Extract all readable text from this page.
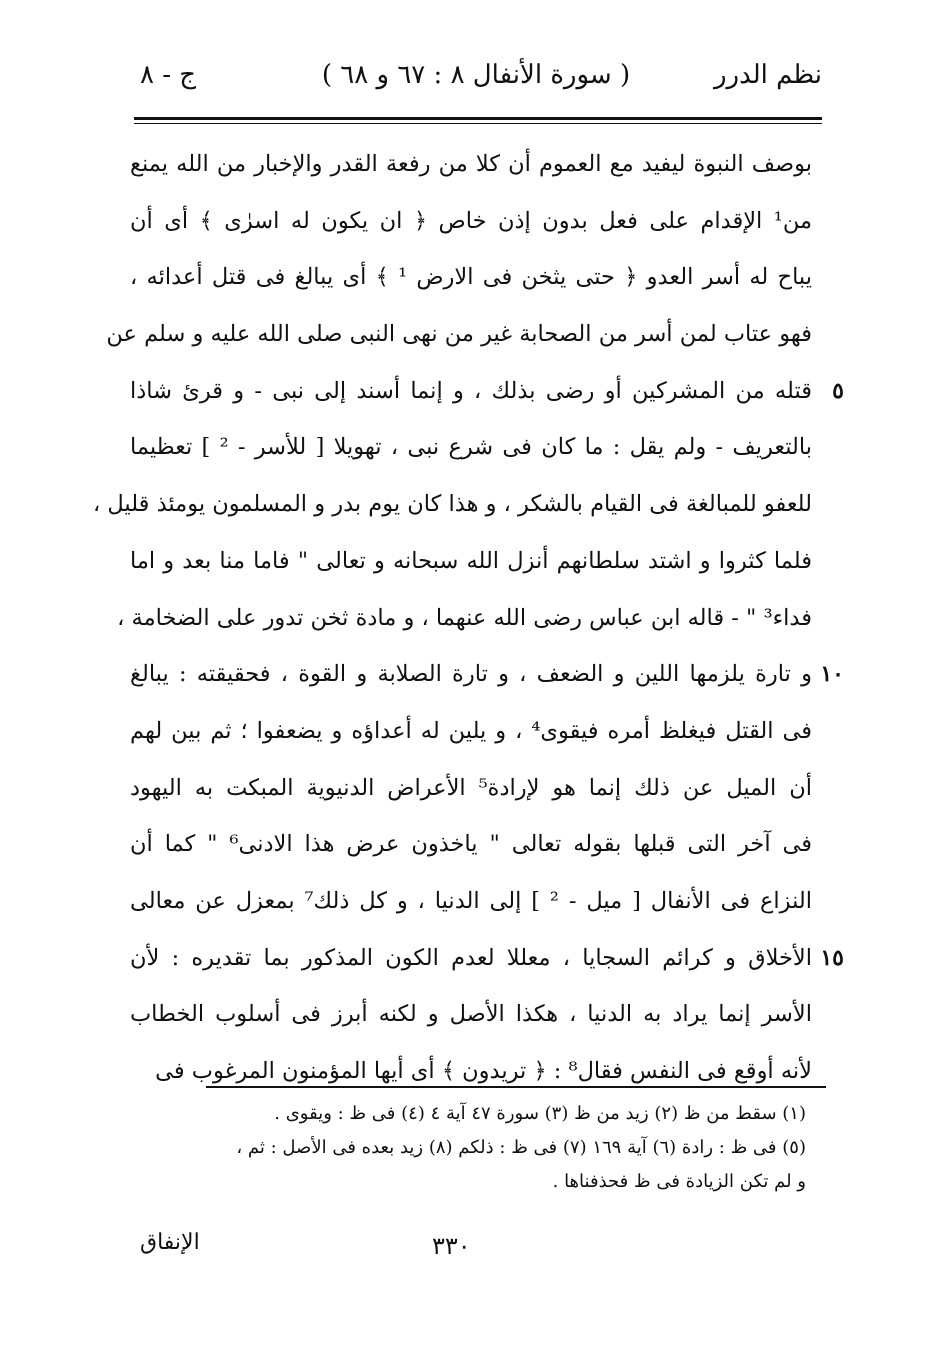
نظم الدرر
( سورة الأنفال ٨ : ٦٧ و ٦٨ )
ج - ٨
بوصف النبوة ليفيد مع العموم أن كلا من رفعة القدر والإخبار من الله يمنع
من¹ الإقدام على فعل بدون إذن خاص ﴿ ان يكون له اسرٰى ﴾ أى أن
يباح له أسر العدو ﴿ حتى يثخن فى الارض ¹ ﴾ أى يبالغ فى قتل أعدائه ،
فهو عتاب لمن أسر من الصحابة غير من نهى النبى صلى الله عليه و سلم عن
٥
قتله من المشركين أو رضى بذلك ، و إنما أسند إلى نبى - و قرئ شاذا
بالتعريف - ولم يقل : ما كان فى شرع نبى ، تهويلا [ للأسر - ² ] تعظيما
للعفو للمبالغة فى القيام بالشكر ، و هذا كان يوم بدر و المسلمون يومئذ قليل ،
فلما كثروا و اشتد سلطانهم أنزل الله سبحانه و تعالى " فاما منا بعد و اما
فداء³ " - قاله ابن عباس رضى الله عنهما ، و مادة ثخن تدور على الضخامة ،
١٠
و تارة يلزمها اللين و الضعف ، و تارة الصلابة و القوة ، فحقيقته : يبالغ
فى القتل فيغلظ أمره فيقوى⁴ ، و يلين له أعداؤه و يضعفوا ؛ ثم بين لهم
أن الميل عن ذلك إنما هو لإرادة⁵ الأعراض الدنيوية المبكت به اليهود
فى آخر التى قبلها بقوله تعالى " ياخذون عرض هذا الادنى⁶ " كما أن
النزاع فى الأنفال [ ميل - ² ] إلى الدنيا ، و كل ذلك⁷ بمعزل عن معالى
١٥
الأخلاق و كرائم السجايا ، معللا لعدم الكون المذكور بما تقديره : لأن
الأسر إنما يراد به الدنيا ، هكذا الأصل و لكنه أبرز فى أسلوب الخطاب
لأنه أوقع فى النفس فقال⁸ : ﴿ تريدون ﴾ أى أيها المؤمنون المرغوب فى
(١) سقط من ظ (٢) زيد من ظ (٣) سورة ٤٧ آية ٤ (٤) فى ظ : ويقوى .
(٥) فى ظ : رادة (٦) آية ١٦٩ (٧) فى ظ : ذلكم (٨) زيد بعده فى الأصل : ثم ،
و لم تكن الزيادة فى ظ فحذفناها .
٣٣٠
الإنفاق
